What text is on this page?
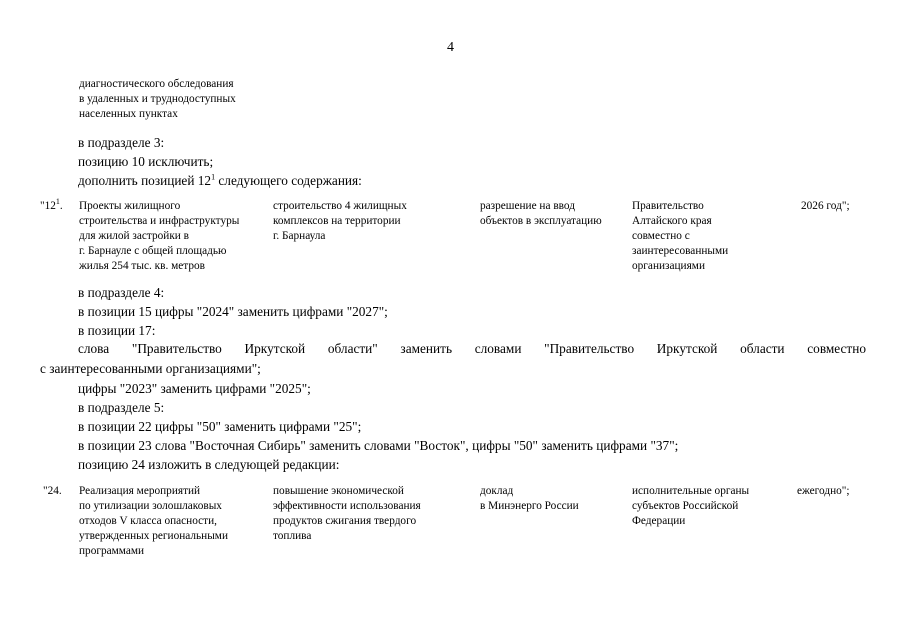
4
диагностического обследования
в удаленных и труднодоступных
населенных пунктах
в подразделе 3:
позицию 10 исключить;
дополнить позицией $12^1$ следующего содержания:
"$12^1$. Проекты жилищного
строительства и инфраструктуры
для жилой застройки в
г. Барнауле с общей площадью
жилья 254 тыс. кв. метров
строительство 4 жилищных
комплексов на территории
г. Барнаула
разрешение на ввод
объектов в эксплуатацию
Правительство
Алтайского края
совместно с
заинтересованными
организациями
2026 год";
в подразделе 4:
в позиции 15 цифры "2024" заменить цифрами "2027";
в позиции 17:
слова "Правительство Иркутской области" заменить словами "Правительство Иркутской области совместно
с заинтересованными организациями";
цифры "2023" заменить цифрами "2025";
в подразделе 5:
в позиции 22 цифры "50" заменить цифрами "25";
в позиции 23 слова "Восточная Сибирь" заменить словами "Восток", цифры "50" заменить цифрами "37";
позицию 24 изложить в следующей редакции:
"24. Реализация мероприятий
по утилизации золошлаковых
отходов V класса опасности,
утвержденных региональными
программами
повышение экономической
эффективности использования
продуктов сжигания твердого
топлива
доклад
в Минэнерго России
исполнительные органы
субъектов Российской
Федерации
ежегодно";
